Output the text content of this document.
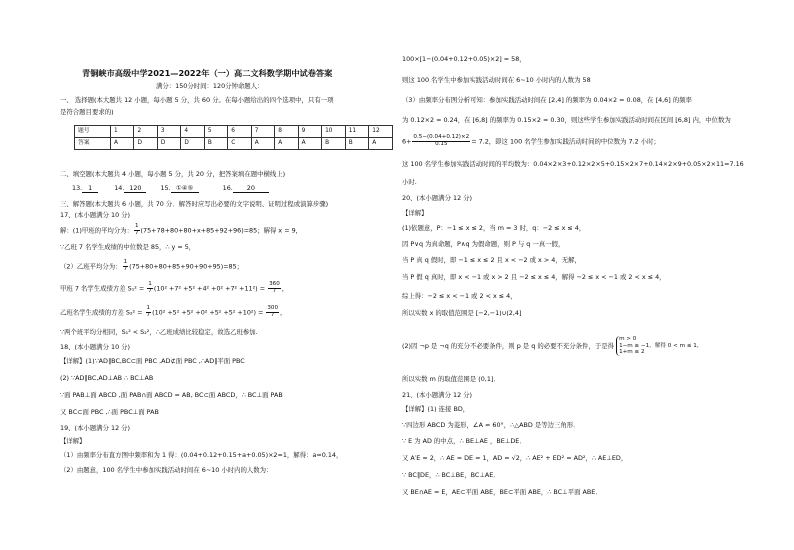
青铜峡市高级中学2021—2022年（一）高二文科数学期中试卷答案
满分：150分时间：120分钟命题人：
一、 选择题(本大题共 12 小题，每小题 5 分，共 60 分。在每小题给出的四个选项中，只有一项
是符合题目要求的)
题号	1	2	3	4	5	6	7	8	9	10	11	12
答案	A	D	D	D	B	C	A	A	A	B	B	A
二、填空题(本大题共 4 小题，每小题 5 分，共 20 分，把答案填在题中横线上)
13. 1	14. 120	15. ①④⑤	16. 20
三、解答题(本大题共 6 小题，共 70 分．解答时应写出必要的文字说明、证明过程或演算步骤)
17、(本小题满分 10 分)
解：(1)甲班的平均分为： $\frac{1}{7} (75+78+80+80+x+85+92+96)=85$；解得 x = 9，
∵乙班 7 名学生成绩的中位数是 85，∴ y = 5，
（2）乙班平均分为： $\frac{1}{7} (75+80+80+85+90+90+95)=85$；
甲班 7 名学生成绩方差 $S_1^2 = \frac{1}{7} (10^2 +7^2 +5^2 +4^2 +0^2 +7^2 +11^2) = \frac{360}{7}$ ，
乙班名学生成绩的方差 $S_2^2 = \frac{1}{7} (10^2 +5^2 +5^2 +0^2 +5^2 +5^2 +10^2) = \frac{300}{7}$ ，
∵两个班平均分相同，S₁² < S₂²，∴乙班成绩比较稳定，故选乙班参加.
18、(本小题满分 10 分)
【详解】(1)∵AD∥BC,BC⊂面 PBC ,AD⊄面 PBC ,∴AD∥平面 PBC
(2) ∵AD∥BC,AD⊥AB ∴ BC⊥AB
∵面 PAB⊥面 ABCD ,面 PAB∩面 ABCD = AB, BC⊂面 ABCD，∴ BC⊥面 PAB
又 BC⊂面 PBC ,∴面 PBC⊥面 PAB
19、(本小题满分 12 分)
【详解】
（1）由频率分布直方图中频率和为 1 得：(0.04+0.12+0.15+a+0.05)×2=1，解得：a=0.14，
（2）由题意，100 名学生中参加实践活动时间在 6~10 小时内的人数为：
100×[1−(0.04+0.12+0.05)×2] = 58，
则这 100 名学生中参加实践活动时间在 6~10 小时内的人数为 58
（3）由频率分布图分析可知：参加实践活动时间在 [2,4] 的频率为 0.04×2 = 0.08，在 [4,6] 的频率
为 0.12×2 = 0.24，在 [6,8] 的频率为 0.15×2 = 0.30，则这些学生参加实践活动时间在区间 [6,8] 内，中位数为
$6+ \frac{0.5-(0.04+0.12)\times 2}{0.15} = 7.2$，即这 100 名学生参加实践活动时间的中位数为 7.2 小时；
这 100 名学生参加实践活动时间的平均数为：0.04×2×3+0.12×2×5+0.15×2×7+0.14×2×9+0.05×2×11=7.16
小时.
20、(本小题满分 12 分)
【详解】
(1)依题意，P：−1 ≤ x ≤ 2，当 m = 3 时，q：−2 ≤ x ≤ 4，
因 P∨q 为真命题，P∧q 为假命题，则 P 与 q 一真一假，
当 P 真 q 假时，即 −1 ≤ x ≤ 2 且 x < −2 或 x > 4，无解，
当 P 假 q 真时，即 x < −1 或 x > 2 且 −2 ≤ x ≤ 4，解得 −2 ≤ x < −1 或 2 < x ≤ 4，
综上得：−2 ≤ x < −1 或 2 < x ≤ 4，
所以实数 x 的取值范围是 [−2,−1)∪(2,4]
(2)因 ¬p 是 ¬q 的充分不必要条件，则 p 是 q 的必要不充分条件，于是得
m > 0
1−m ≥ −1，解得 0 < m ≤ 1，
1+m ≤ 2
所以实数 m 的取值范围是 (0,1]．
21、(本小题满分 12 分)
【详解】(1) 连接 BD，
∵四边形 ABCD 为菱形，∠A = 60°，∴△ABD 是等边三角形．
∵ E 为 AD 的中点，∴ BE⊥AE ，BE⊥DE．
又 A′E = 2，∴ AE = DE = 1，AD = √2，∴ AE² + ED² = AD²，∴ AE⊥ED，
∵ BC∥DE，∴ BC⊥BE，BC⊥AE．
又 BE∩AE = E，AE⊂平面 ABE，BE⊂平面 ABE，∴ BC⊥平面 ABE．
